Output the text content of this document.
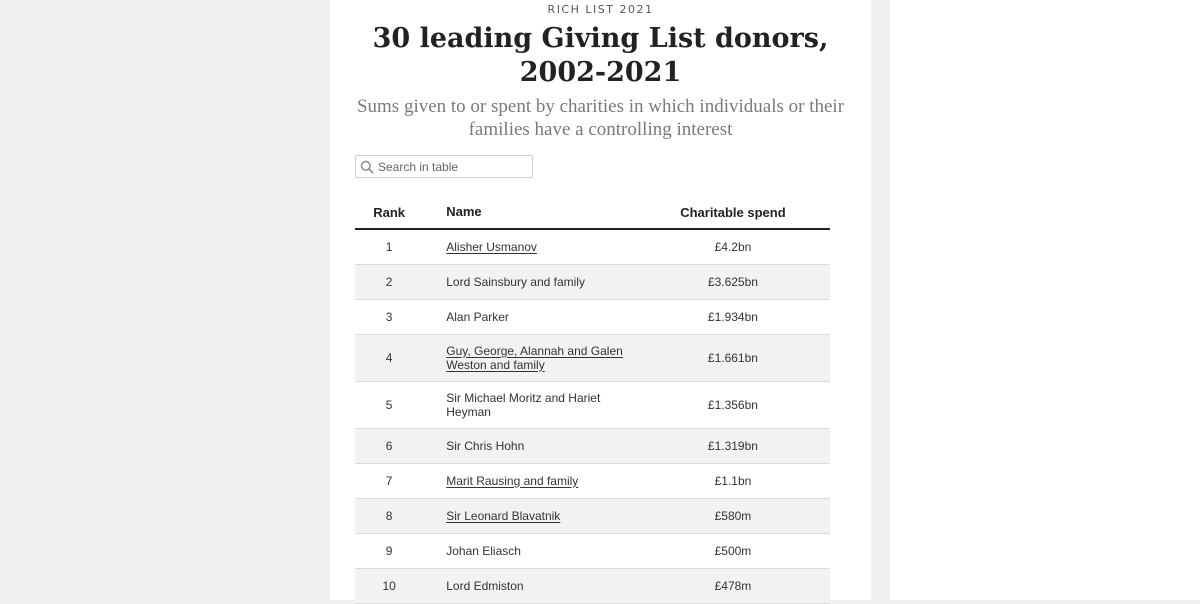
RICH LIST 2021
30 leading Giving List donors, 2002-2021
Sums given to or spent by charities in which individuals or their families have a controlling interest
Search in table
Rank	Name	Charitable spend
1	Alisher Usmanov	£4.2bn
2	Lord Sainsbury and family	£3.625bn
3	Alan Parker	£1.934bn
4	Guy, George, Alannah and Galen Weston and family	£1.661bn
5	Sir Michael Moritz and Hariet Heyman	£1.356bn
6	Sir Chris Hohn	£1.319bn
7	Marit Rausing and family	£1.1bn
8	Sir Leonard Blavatnik	£580m
9	Johan Eliasch	£500m
10	Lord Edmiston	£478m
